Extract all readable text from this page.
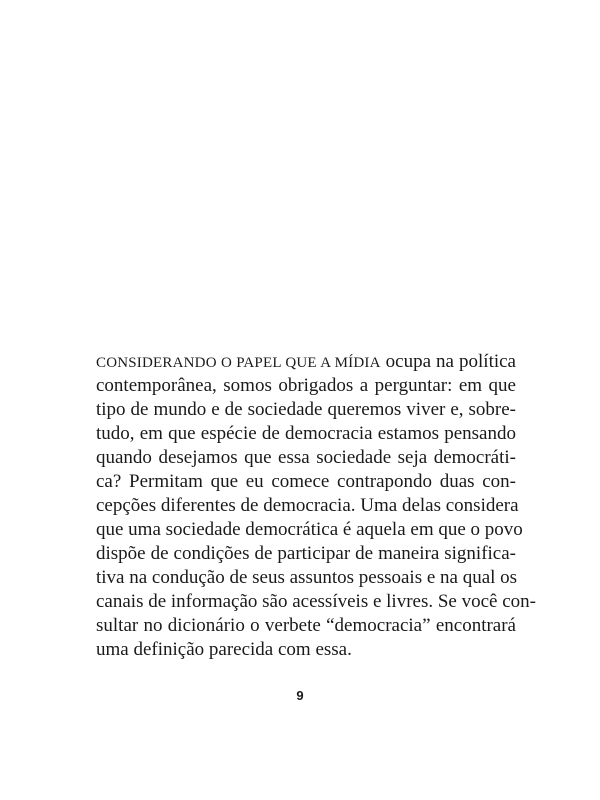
CONSIDERANDO O PAPEL QUE A MÍDIA ocupa na política
contemporânea, somos obrigados a perguntar: em que
tipo de mundo e de sociedade queremos viver e, sobre-
tudo, em que espécie de democracia estamos pensando
quando desejamos que essa sociedade seja democráti-
ca? Permitam que eu comece contrapondo duas con-
cepções diferentes de democracia. Uma delas considera
que uma sociedade democrática é aquela em que o povo
dispõe de condições de participar de maneira significa-
tiva na condução de seus assuntos pessoais e na qual os
canais de informação são acessíveis e livres. Se você con-
sultar no dicionário o verbete “democracia” encontrará
uma definição parecida com essa.
9
